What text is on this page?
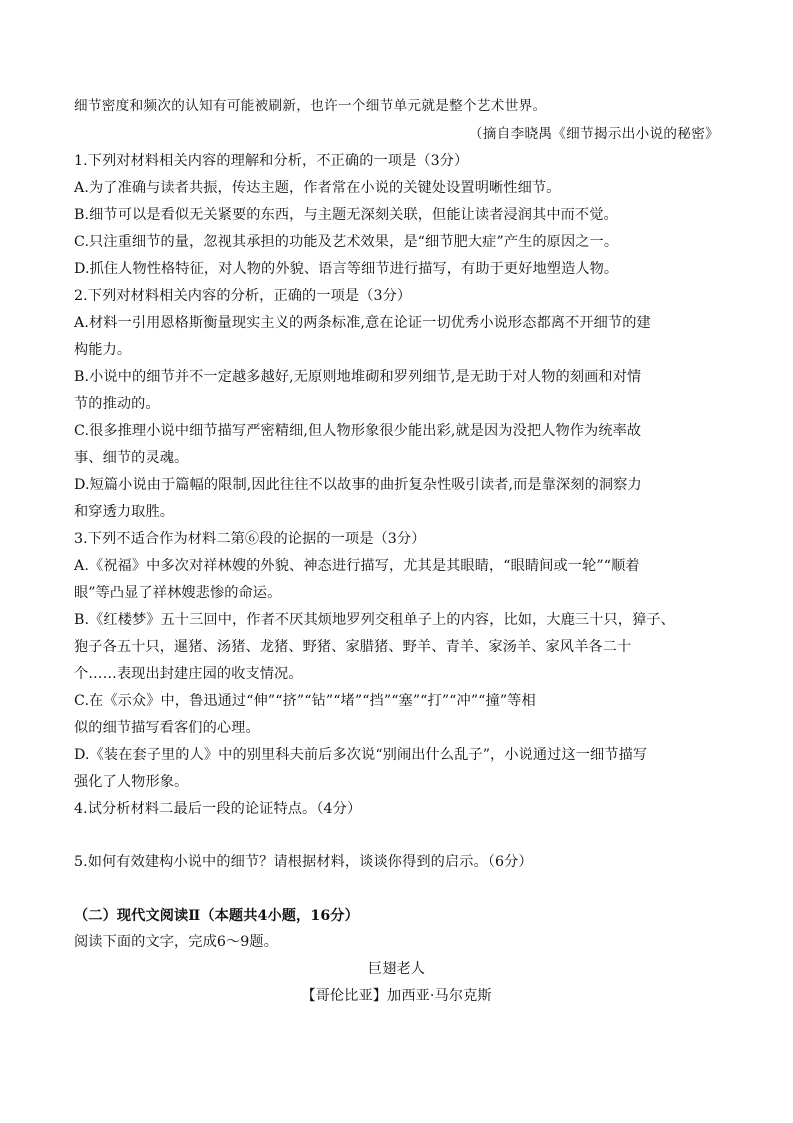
细节密度和频次的认知有可能被刷新，也许一个细节单元就是整个艺术世界。
（摘自李晓禺《细节揭示出小说的秘密》
1.下列对材料相关内容的理解和分析，不正确的一项是（3分）
A.为了准确与读者共振，传达主题，作者常在小说的关键处设置明晰性细节。
B.细节可以是看似无关紧要的东西，与主题无深刻关联，但能让读者浸润其中而不觉。
C.只注重细节的量，忽视其承担的功能及艺术效果，是“细节肥大症”产生的原因之一。
D.抓住人物性格特征，对人物的外貌、语言等细节进行描写，有助于更好地塑造人物。
2.下列对材料相关内容的分析，正确的一项是（3分）
A.材料一引用恩格斯衡量现实主义的两条标准,意在论证一切优秀小说形态都离不开细节的建
构能力。
B.小说中的细节并不一定越多越好,无原则地堆砌和罗列细节,是无助于对人物的刻画和对情
节的推动的。
C.很多推理小说中细节描写严密精细,但人物形象很少能出彩,就是因为没把人物作为统率故
事、细节的灵魂。
D.短篇小说由于篇幅的限制,因此往往不以故事的曲折复杂性吸引读者,而是靠深刻的洞察力
和穿透力取胜。
3.下列不适合作为材料二第⑥段的论据的一项是（3分）
A.《祝福》中多次对祥林嫂的外貌、神态进行描写，尤其是其眼睛，“眼睛间或一轮”“顺着
眼”等凸显了祥林嫂悲惨的命运。
B.《红楼梦》五十三回中，作者不厌其烦地罗列交租单子上的内容，比如，大鹿三十只，獐子、
狍子各五十只，暹猪、汤猪、龙猪、野猪、家腊猪、野羊、青羊、家汤羊、家风羊各二十
个……表现出封建庄园的收支情况。
C.在《示众》中，鲁迅通过“伸”“挤”“钻”“堵”“挡”“塞”“打”“冲”“撞”等相
似的细节描写看客们的心理。
D.《装在套子里的人》中的别里科夫前后多次说“别闹出什么乱子”，小说通过这一细节描写
强化了人物形象。
4.试分析材料二最后一段的论证特点。（4分）
5.如何有效建构小说中的细节？请根据材料，谈谈你得到的启示。（6分）
（二）现代文阅读Ⅱ（本题共4小题，16分）
阅读下面的文字，完成6～9题。
巨翅老人
【哥伦比亚】加西亚·马尔克斯
